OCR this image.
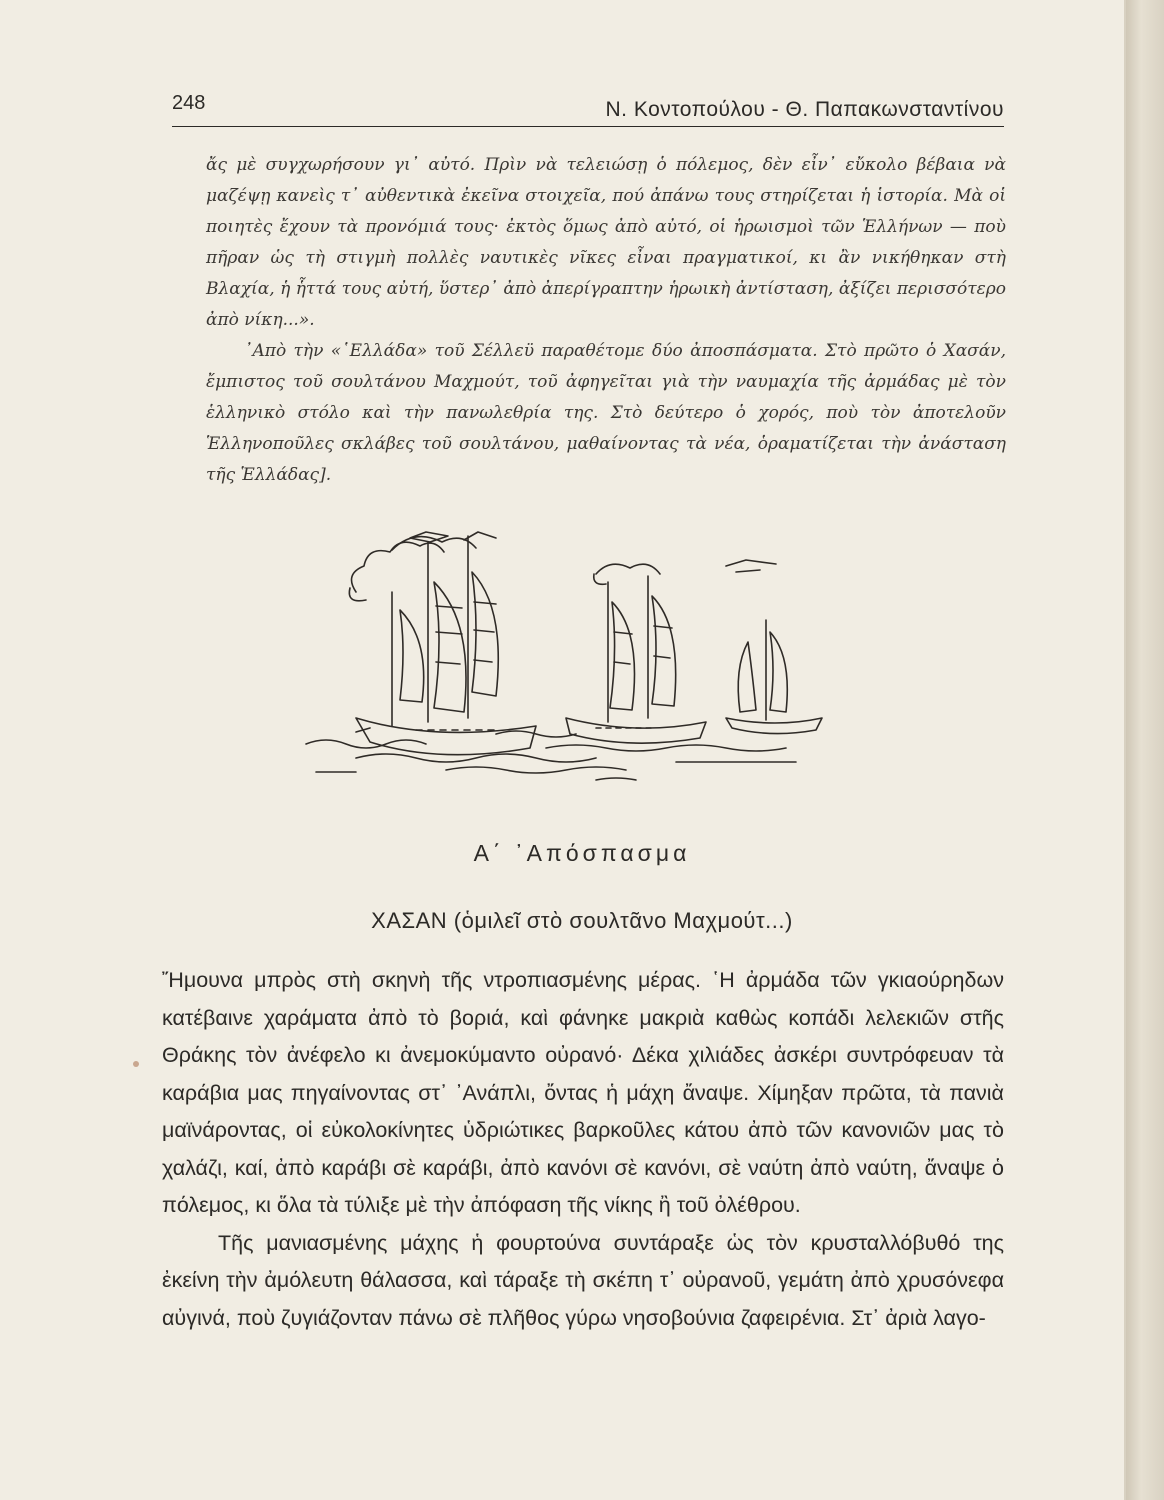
248	Ν. Κοντοπούλου - Θ. Παπακωνσταντίνου

ἄς μὲ συγχωρήσουν γι᾿ αὐτό. Πρὶν νὰ τελειώσῃ ὁ πόλεμος, δὲν εἶν᾿ εὔκολο βέβαια νὰ μαζέψῃ κανεὶς τ᾿ αὐθεντικὰ ἐκεῖνα στοιχεῖα, πού ἀπάνω τους στηρίζεται ἡ ἱστορία. Μὰ οἱ ποιητὲς ἔχουν τὰ προνόμιά τους· ἐκτὸς ὅμως ἀπὸ αὐτό, οἱ ἡρωισμοὶ τῶν Ἑλλήνων — ποὺ πῆραν ὡς τὴ στιγμὴ πολλὲς ναυτικὲς νῖκες εἶναι πραγματικοί, κι ἂν νικήθηκαν στὴ Βλαχία, ἡ ἧττά τους αὐτή, ὕστερ᾿ ἀπὸ ἀπερίγραπτην ἡρωικὴ ἀντίσταση, ἀξίζει περισσότερο ἀπὸ νίκη...».

᾿Απὸ τὴν «῾Ελλάδα» τοῦ Σέλλεϋ παραθέτομε δύο ἀποσπάσματα. Στὸ πρῶτο ὁ Χασάν, ἔμπιστος τοῦ σουλτάνου Μαχμούτ, τοῦ ἀφηγεῖται γιὰ τὴν ναυμαχία τῆς ἀρμάδας μὲ τὸν ἑλληνικὸ στόλο καὶ τὴν πανωλεθρία της. Στὸ δεύτερο ὁ χορός, ποὺ τὸν ἀποτελοῦν Ἑλληνοποῦλες σκλάβες τοῦ σουλτάνου, μαθαίνοντας τὰ νέα, ὁραματίζεται τὴν ἀνάσταση τῆς Ἑλλάδας].

Α΄ ᾿Απόσπασμα
ΧΑΣΑΝ (ὁμιλεῖ στὸ σουλτᾶνο Μαχμούτ...)

Ἤμουνα μπρὸς στὴ σκηνὴ τῆς ντροπιασμένης μέρας. ῾Η ἀρμάδα τῶν γκιαούρηδων κατέβαινε χαράματα ἀπὸ τὸ βοριά, καὶ φάνηκε μακριὰ καθὼς κοπάδι λελεκιῶν στῆς Θράκης τὸν ἀνέφελο κι ἀνεμοκύμαντο οὐρανό· Δέκα χιλιάδες ἀσκέρι συντρόφευαν τὰ καράβια μας πηγαίνοντας στ᾿ ᾿Ανάπλι, ὄντας ἡ μάχη ἄναψε. Χίμηξαν πρῶτα, τὰ πανιὰ μαϊνάροντας, οἱ εὐκολοκίνητες ὑδριώτικες βαρκοῦλες κάτου ἀπὸ τῶν κανονιῶν μας τὸ χαλάζι, καί, ἀπὸ καράβι σὲ καράβι, ἀπὸ κανόνι σὲ κανόνι, σὲ ναύτη ἀπὸ ναύτη, ἄναψε ὁ πόλεμος, κι ὅλα τὰ τύλιξε μὲ τὴν ἀπόφαση τῆς νίκης ἢ τοῦ ὀλέθρου.

Τῆς μανιασμένης μάχης ἡ φουρτούνα συντάραξε ὡς τὸν κρυσταλλόβυθό της ἐκείνη τὴν ἀμόλευτη θάλασσα, καὶ τάραξε τὴ σκέπη τ᾿ οὐρανοῦ, γεμάτη ἀπὸ χρυσόνεφα αὐγινά, ποὺ ζυγιάζονταν πάνω σὲ πλῆθος γύρω νησοβούνια ζαφειρένια. Στ᾿ ἀριὰ λαγο-
